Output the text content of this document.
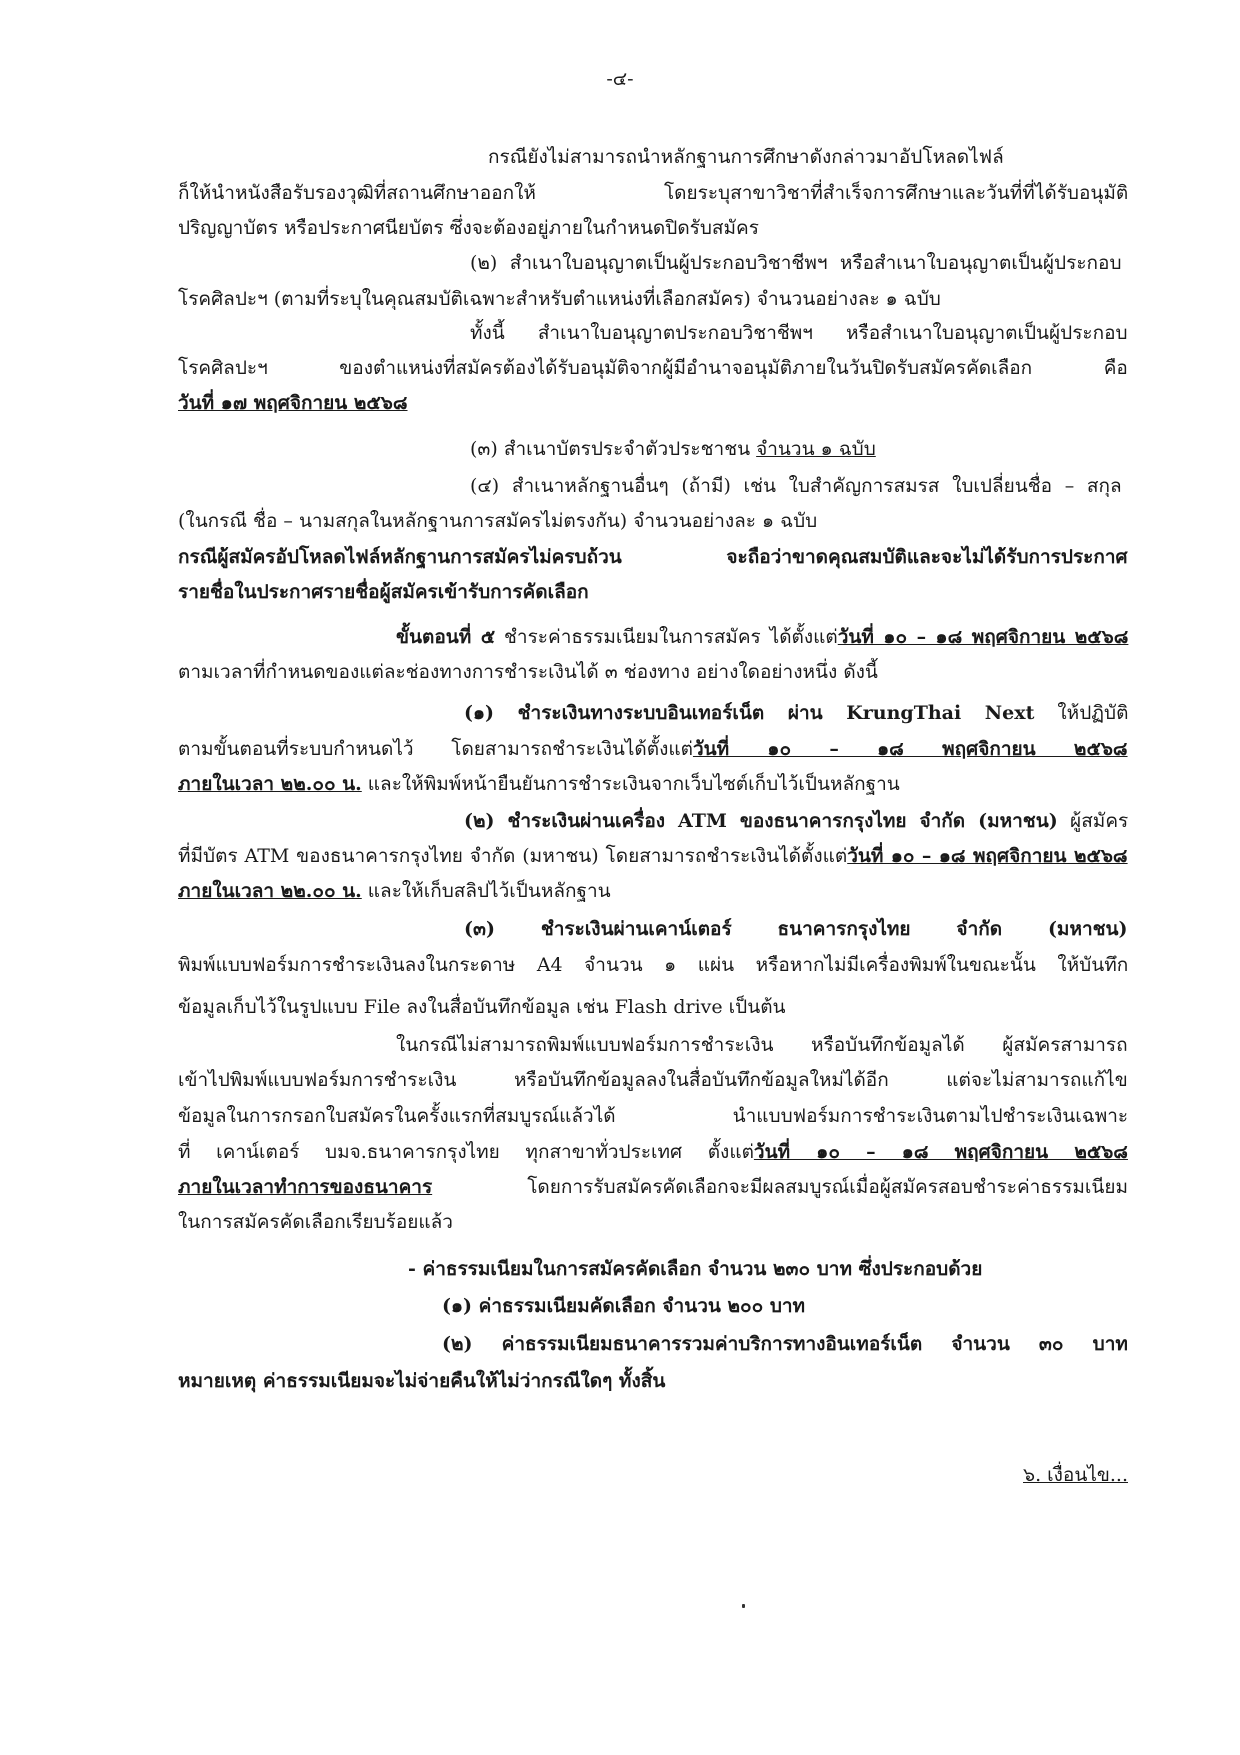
-๔-
กรณียังไม่สามารถนำหลักฐานการศึกษาดังกล่าวมาอัปโหลดไฟล์
ก็ให้นำหนังสือรับรองวุฒิที่สถานศึกษาออกให้ โดยระบุสาขาวิชาที่สำเร็จการศึกษาและวันที่ที่ได้รับอนุมัติ
ปริญญาบัตร หรือประกาศนียบัตร ซึ่งจะต้องอยู่ภายในกำหนดปิดรับสมัคร
(๒) สำเนาใบอนุญาตเป็นผู้ประกอบวิชาชีพฯ หรือสำเนาใบอนุญาตเป็นผู้ประกอบ
โรคศิลปะฯ (ตามที่ระบุในคุณสมบัติเฉพาะสำหรับตำแหน่งที่เลือกสมัคร) จำนวนอย่างละ ๑ ฉบับ
ทั้งนี้ สำเนาใบอนุญาตประกอบวิชาชีพฯ หรือสำเนาใบอนุญาตเป็นผู้ประกอบ
โรคศิลปะฯ ของตำแหน่งที่สมัครต้องได้รับอนุมัติจากผู้มีอำนาจอนุมัติภายในวันปิดรับสมัครคัดเลือก คือ
วันที่ ๑๗ พฤศจิกายน ๒๕๖๘
(๓) สำเนาบัตรประจำตัวประชาชน จำนวน ๑ ฉบับ
(๔) สำเนาหลักฐานอื่นๆ (ถ้ามี) เช่น ใบสำคัญการสมรส ใบเปลี่ยนชื่อ – สกุล
(ในกรณี ชื่อ – นามสกุลในหลักฐานการสมัครไม่ตรงกัน) จำนวนอย่างละ ๑ ฉบับ
กรณีผู้สมัครอัปโหลดไฟล์หลักฐานการสมัครไม่ครบถ้วน จะถือว่าขาดคุณสมบัติและจะไม่ได้รับการประกาศ
รายชื่อในประกาศรายชื่อผู้สมัครเข้ารับการคัดเลือก
ขั้นตอนที่ ๕ ชำระค่าธรรมเนียมในการสมัคร ได้ตั้งแต่วันที่ ๑๐ – ๑๘ พฤศจิกายน ๒๕๖๘
ตามเวลาที่กำหนดของแต่ละช่องทางการชำระเงินได้ ๓ ช่องทาง อย่างใดอย่างหนึ่ง ดังนี้
(๑) ชำระเงินทางระบบอินเทอร์เน็ต ผ่าน KrungThai Next ให้ปฏิบัติ
ตามขั้นตอนที่ระบบกำหนดไว้ โดยสามารถชำระเงินได้ตั้งแต่วันที่ ๑๐ – ๑๘ พฤศจิกายน ๒๕๖๘
ภายในเวลา ๒๒.๐๐ น. และให้พิมพ์หน้ายืนยันการชำระเงินจากเว็บไซต์เก็บไว้เป็นหลักฐาน
(๒) ชำระเงินผ่านเครื่อง ATM ของธนาคารกรุงไทย จำกัด (มหาชน) ผู้สมัคร
ที่มีบัตร ATM ของธนาคารกรุงไทย จำกัด (มหาชน) โดยสามารถชำระเงินได้ตั้งแต่วันที่ ๑๐ – ๑๘ พฤศจิกายน ๒๕๖๘
ภายในเวลา ๒๒.๐๐ น. และให้เก็บสลิปไว้เป็นหลักฐาน
(๓) ชำระเงินผ่านเคาน์เตอร์ ธนาคารกรุงไทย จำกัด (มหาชน)
พิมพ์แบบฟอร์มการชำระเงินลงในกระดาษ A4 จำนวน ๑ แผ่น หรือหากไม่มีเครื่องพิมพ์ในขณะนั้น ให้บันทึก
ข้อมูลเก็บไว้ในรูปแบบ File ลงในสื่อบันทึกข้อมูล เช่น Flash drive เป็นต้น
ในกรณีไม่สามารถพิมพ์แบบฟอร์มการชำระเงิน หรือบันทึกข้อมูลได้ ผู้สมัครสามารถ
เข้าไปพิมพ์แบบฟอร์มการชำระเงิน หรือบันทึกข้อมูลลงในสื่อบันทึกข้อมูลใหม่ได้อีก แต่จะไม่สามารถแก้ไข
ข้อมูลในการกรอกใบสมัครในครั้งแรกที่สมบูรณ์แล้วได้ นำแบบฟอร์มการชำระเงินตามไปชำระเงินเฉพาะ
ที่ เคาน์เตอร์ บมจ.ธนาคารกรุงไทย ทุกสาขาทั่วประเทศ ตั้งแต่วันที่ ๑๐ – ๑๘ พฤศจิกายน ๒๕๖๘
ภายในเวลาทำการของธนาคาร โดยการรับสมัครคัดเลือกจะมีผลสมบูรณ์เมื่อผู้สมัครสอบชำระค่าธรรมเนียม
ในการสมัครคัดเลือกเรียบร้อยแล้ว
- ค่าธรรมเนียมในการสมัครคัดเลือก จำนวน ๒๓๐ บาท ซึ่งประกอบด้วย
(๑) ค่าธรรมเนียมคัดเลือก จำนวน ๒๐๐ บาท
(๒) ค่าธรรมเนียมธนาคารรวมค่าบริการทางอินเทอร์เน็ต จำนวน ๓๐ บาท
หมายเหตุ ค่าธรรมเนียมจะไม่จ่ายคืนให้ไม่ว่ากรณีใดๆ ทั้งสิ้น
๖. เงื่อนไข...
